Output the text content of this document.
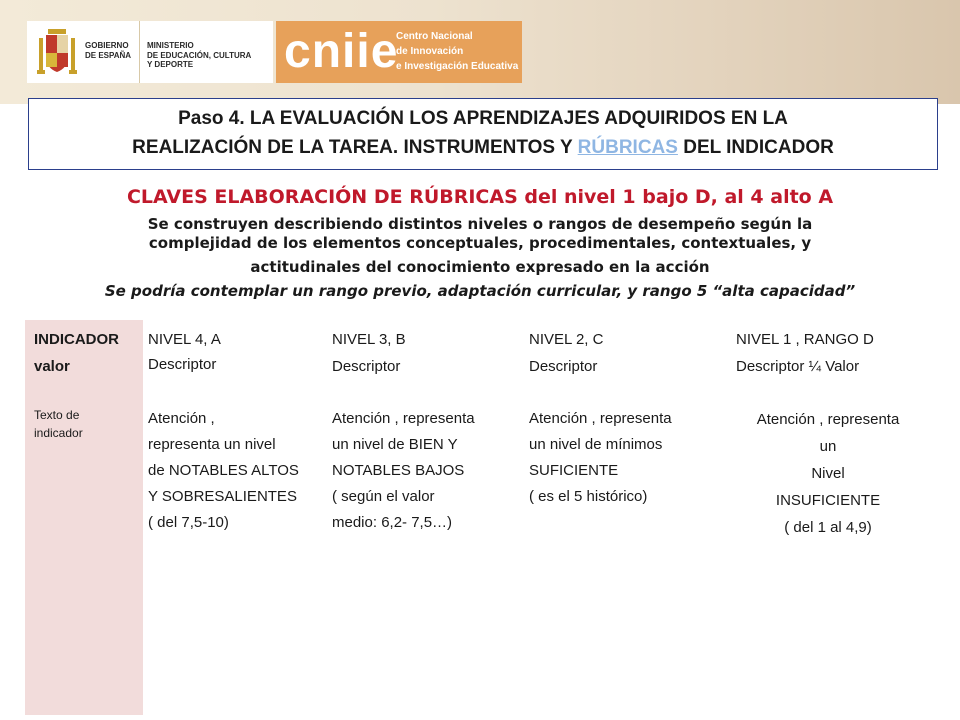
GOBIERNO
DE ESPAÑA
MINISTERIO
DE EDUCACIÓN, CULTURA
Y DEPORTE	cniie
Centro Nacional
de Innovación
e Investigación Educativa

Paso 4. LA EVALUACIÓN LOS APRENDIZAJES ADQUIRIDOS EN LA

REALIZACIÓN DE LA TAREA. INSTRUMENTOS Y RÚBRICAS DEL INDICADOR

CLAVES ELABORACIÓN DE RÚBRICAS del nivel 1 bajo D, al 4 alto A

Se construyen describiendo distintos niveles o rangos de desempeño según la

complejidad de los elementos conceptuales, procedimentales, contextuales, y

actitudinales del conocimiento expresado en la acción

Se podría contemplar un rango previo, adaptación curricular, y rango 5 “alta capacidad”

INDICADOR
valor
Texto de
indicador
NIVEL 4, A
Descriptor
Atención ,
representa un nivel
de NOTABLES ALTOS
Y SOBRESALIENTES
( del 7,5-10)
NIVEL 3, B
Descriptor
Atención , representa
un nivel de BIEN Y
NOTABLES BAJOS
( según el valor
medio: 6,2- 7,5…)
NIVEL 2, C
Descriptor
Atención , representa
un nivel de mínimos
SUFICIENTE
( es el 5 histórico)
NIVEL 1 , RANGO D
Descriptor ¼ Valor
Atención , representa
un
Nivel
INSUFICIENTE
( del 1 al 4,9)
